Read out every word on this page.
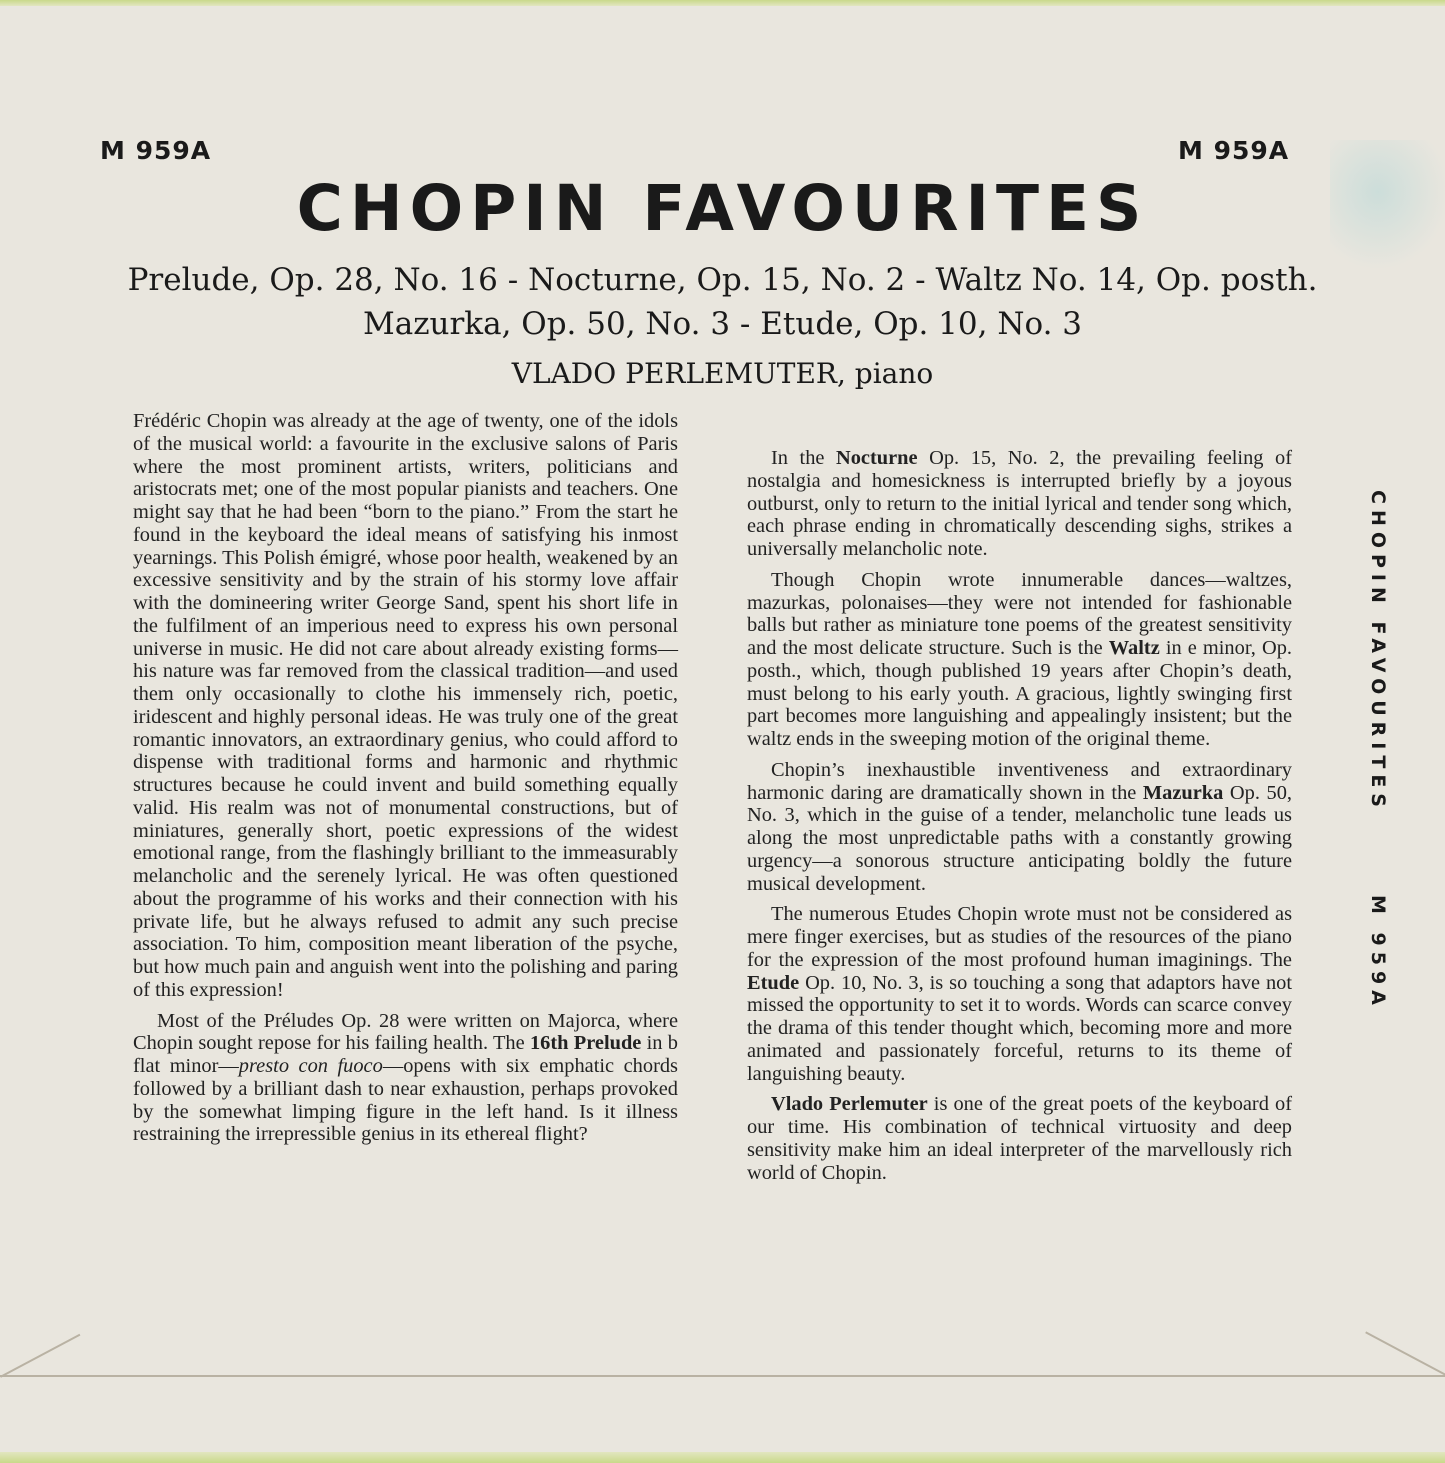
M 959A	M 959A
CHOPIN FAVOURITES
Prelude, Op. 28, No. 16 - Nocturne, Op. 15, No. 2 - Waltz No. 14, Op. posth.
Mazurka, Op. 50, No. 3 - Etude, Op. 10, No. 3
VLADO PERLEMUTER, piano

Frédéric Chopin was already at the age of twenty, one of the idols of the musical world: a favourite in the exclusive salons of Paris where the most prominent artists, writers, politicians and aristocrats met; one of the most popular pianists and teachers. One might say that he had been “born to the piano.” From the start he found in the keyboard the ideal means of satisfying his inmost yearnings. This Polish émigré, whose poor health, weakened by an excessive sensitivity and by the strain of his stormy love affair with the domineering writer George Sand, spent his short life in the fulfilment of an imperious need to express his own personal universe in music. He did not care about already existing forms—his nature was far removed from the classical tradition—and used them only occasionally to clothe his immensely rich, poetic, iridescent and highly personal ideas. He was truly one of the great romantic innovators, an extraordinary genius, who could afford to dispense with traditional forms and harmonic and rhythmic structures because he could invent and build something equally valid. His realm was not of monumental constructions, but of miniatures, generally short, poetic expressions of the widest emotional range, from the flashingly brilliant to the immeasurably melancholic and the serenely lyrical. He was often questioned about the programme of his works and their connection with his private life, but he always refused to admit any such precise association. To him, composition meant liberation of the psyche, but how much pain and anguish went into the polishing and paring of this expression!

Most of the Préludes Op. 28 were written on Majorca, where Chopin sought repose for his failing health. The 16th Prelude in b flat minor—presto con fuoco—opens with six emphatic chords followed by a brilliant dash to near exhaustion, perhaps provoked by the somewhat limping figure in the left hand. Is it illness restraining the irrepressible genius in its ethereal flight?

In the Nocturne Op. 15, No. 2, the prevailing feeling of nostalgia and homesickness is interrupted briefly by a joyous outburst, only to return to the initial lyrical and tender song which, each phrase ending in chromatically descending sighs, strikes a universally melancholic note.

Though Chopin wrote innumerable dances—waltzes, mazurkas, polonaises—they were not intended for fashionable balls but rather as miniature tone poems of the greatest sensitivity and the most delicate structure. Such is the Waltz in e minor, Op. posth., which, though published 19 years after Chopin’s death, must belong to his early youth. A gracious, lightly swinging first part becomes more languishing and appealingly insistent; but the waltz ends in the sweeping motion of the original theme.

Chopin’s inexhaustible inventiveness and extraordinary harmonic daring are dramatically shown in the Mazurka Op. 50, No. 3, which in the guise of a tender, melancholic tune leads us along the most unpredictable paths with a constantly growing urgency—a sonorous structure anticipating boldly the future musical development.

The numerous Etudes Chopin wrote must not be considered as mere finger exercises, but as studies of the resources of the piano for the expression of the most profound human imaginings. The Etude Op. 10, No. 3, is so touching a song that adaptors have not missed the opportunity to set it to words. Words can scarce convey the drama of this tender thought which, becoming more and more animated and passionately forceful, returns to its theme of languishing beauty.

Vlado Perlemuter is one of the great poets of the keyboard of our time. His combination of technical virtuosity and deep sensitivity make him an ideal interpreter of the marvellously rich world of Chopin.

CHOPIN FAVOURITES
M 959A
